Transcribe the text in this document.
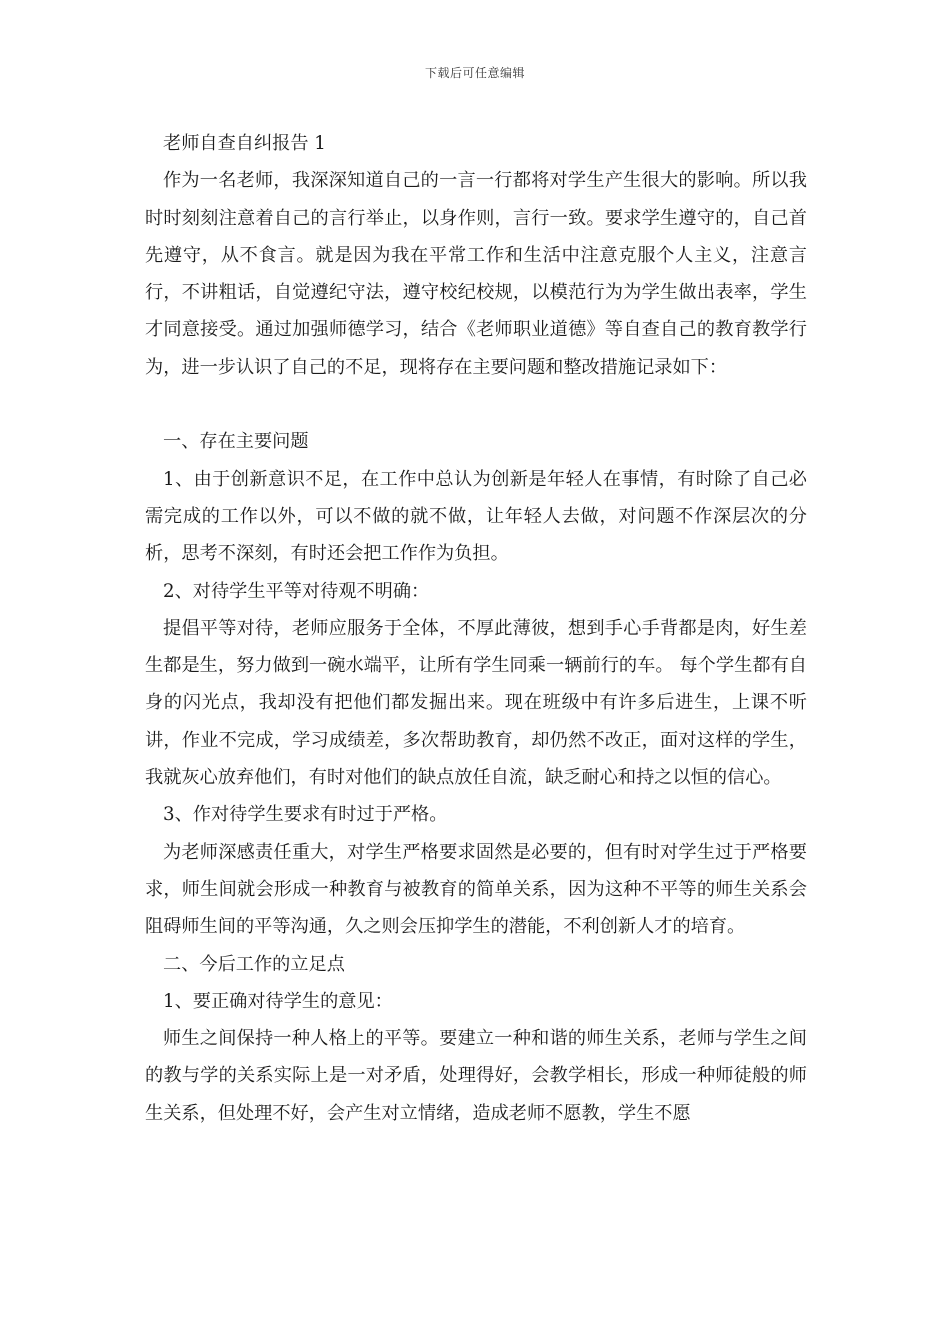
下载后可任意编辑

老师自查自纠报告 1

作为一名老师，我深深知道自己的一言一行都将对学生产生很大的影响。所以我时时刻刻注意着自己的言行举止，以身作则，言行一致。要求学生遵守的，自己首先遵守，从不食言。就是因为我在平常工作和生活中注意克服个人主义，注意言行，不讲粗话，自觉遵纪守法，遵守校纪校规，以模范行为为学生做出表率，学生才同意接受。通过加强师德学习，结合《老师职业道德》等自查自己的教育教学行为，进一步认识了自己的不足，现将存在主要问题和整改措施记录如下：

一、存在主要问题

1、由于创新意识不足，在工作中总认为创新是年轻人在事情，有时除了自己必需完成的工作以外，可以不做的就不做，让年轻人去做，对问题不作深层次的分析，思考不深刻，有时还会把工作作为负担。

2、对待学生平等对待观不明确：

提倡平等对待，老师应服务于全体，不厚此薄彼，想到手心手背都是肉，好生差生都是生，努力做到一碗水端平，让所有学生同乘一辆前行的车。 每个学生都有自身的闪光点，我却没有把他们都发掘出来。现在班级中有许多后进生，上课不听讲，作业不完成，学习成绩差，多次帮助教育，却仍然不改正，面对这样的学生，我就灰心放弃他们，有时对他们的缺点放任自流，缺乏耐心和持之以恒的信心。

3、作对待学生要求有时过于严格。

为老师深感责任重大，对学生严格要求固然是必要的，但有时对学生过于严格要求，师生间就会形成一种教育与被教育的简单关系，因为这种不平等的师生关系会阻碍师生间的平等沟通，久之则会压抑学生的潜能，不利创新人才的培育。

二、今后工作的立足点

1、要正确对待学生的意见：

师生之间保持一种人格上的平等。要建立一种和谐的师生关系，老师与学生之间的教与学的关系实际上是一对矛盾，处理得好，会教学相长，形成一种师徒般的师生关系，但处理不好，会产生对立情绪，造成老师不愿教，学生不愿
